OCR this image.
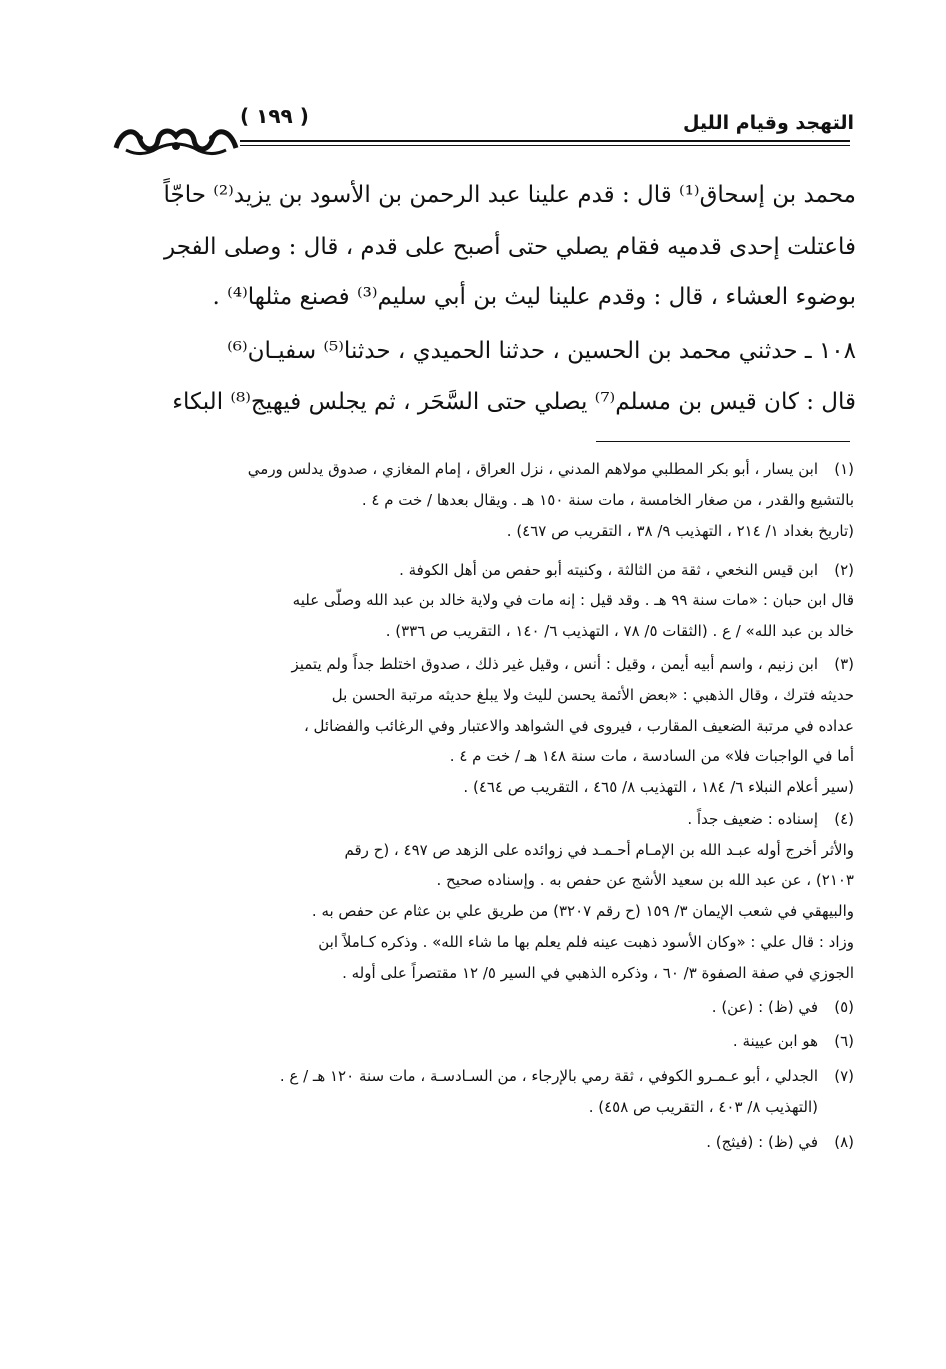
التهجد وقيام الليل
( ١٩٩ )
محمد بن إسحاق⁽¹⁾ قال : قدم علينا عبد الرحمن بن الأسود بن يزيد⁽²⁾ حاجّاً
فاعتلت إحدى قدميه فقام يصلي حتى أصبح على قدم ، قال : وصلى الفجر
بوضوء العشاء ، قال : وقدم علينا ليث بن أبي سليم⁽³⁾ فصنع مثلها⁽⁴⁾ .
١٠٨ ـ حدثني محمد بن الحسين ، حدثنا الحميدي ، حدثنا⁽⁵⁾ سفيـان⁽⁶⁾
قال : كان قيس بن مسلم⁽⁷⁾ يصلي حتى السَّحَر ، ثم يجلس فيهيج⁽⁸⁾ البكاء
(١)ابن يسار ، أبو بكر المطلبي مولاهم المدني ، نزل العراق ، إمام المغازي ، صدوق يدلس ورمي
بالتشيع والقدر ، من صغار الخامسة ، مات سنة ١٥٠ هـ . ويقال بعدها / خت م ٤ .
(تاريخ بغداد ١/ ٢١٤ ، التهذيب ٩/ ٣٨ ، التقريب ص ٤٦٧) .
(٢)ابن قيس النخعي ، ثقة من الثالثة ، وكنيته أبو حفص من أهل الكوفة .
قال ابن حبان : «مات سنة ٩٩ هـ . وقد قيل : إنه مات في ولاية خالد بن عبد الله وصلّى عليه
خالد بن عبد الله» / ع . (الثقات ٥/ ٧٨ ، التهذيب ٦/ ١٤٠ ، التقريب ص ٣٣٦) .
(٣)ابن زنيم ، واسم أبيه أيمن ، وقيل : أنس ، وقيل غير ذلك ، صدوق اختلط جداً ولم يتميز
حديثه فترك ، وقال الذهبي : «بعض الأئمة يحسن لليث ولا يبلغ حديثه مرتبة الحسن بل
عداده في مرتبة الضعيف المقارب ، فيروى في الشواهد والاعتبار وفي الرغائب والفضائل ،
أما في الواجبات فلا» من السادسة ، مات سنة ١٤٨ هـ / خت م ٤ .
(سير أعلام النبلاء ٦/ ١٨٤ ، التهذيب ٨/ ٤٦٥ ، التقريب ص ٤٦٤) .
(٤)إسناده : ضعيف جداً .
والأثر أخرج أوله عبـد الله بن الإمـام أحـمـد في زوائده على الزهد ص ٤٩٧ ، (ح رقم
٢١٠٣) ، عن عبد الله بن سعيد الأشج عن حفص به . وإسناده صحيح .
والبيهقي في شعب الإيمان ٣/ ١٥٩ (ح رقم ٣٢٠٧) من طريق علي بن عثام عن حفص به .
وزاد : قال علي : «وكان الأسود ذهبت عينه فلم يعلم بها ما شاء الله» . وذكره كـاملاً ابن
الجوزي في صفة الصفوة ٣/ ٦٠ ، وذكره الذهبي في السير ٥/ ١٢ مقتصراً على أوله .
(٥)في (ظ) : (عن) .
(٦)هو ابن عيينة .
(٧)الجدلي ، أبو عـمـرو الكوفي ، ثقة رمي بالإرجاء ، من السـادسـة ، مات سنة ١٢٠ هـ / ع .
(التهذيب ٨/ ٤٠٣ ، التقريب ص ٤٥٨) .
(٨)في (ظ) : (فيثج) .
